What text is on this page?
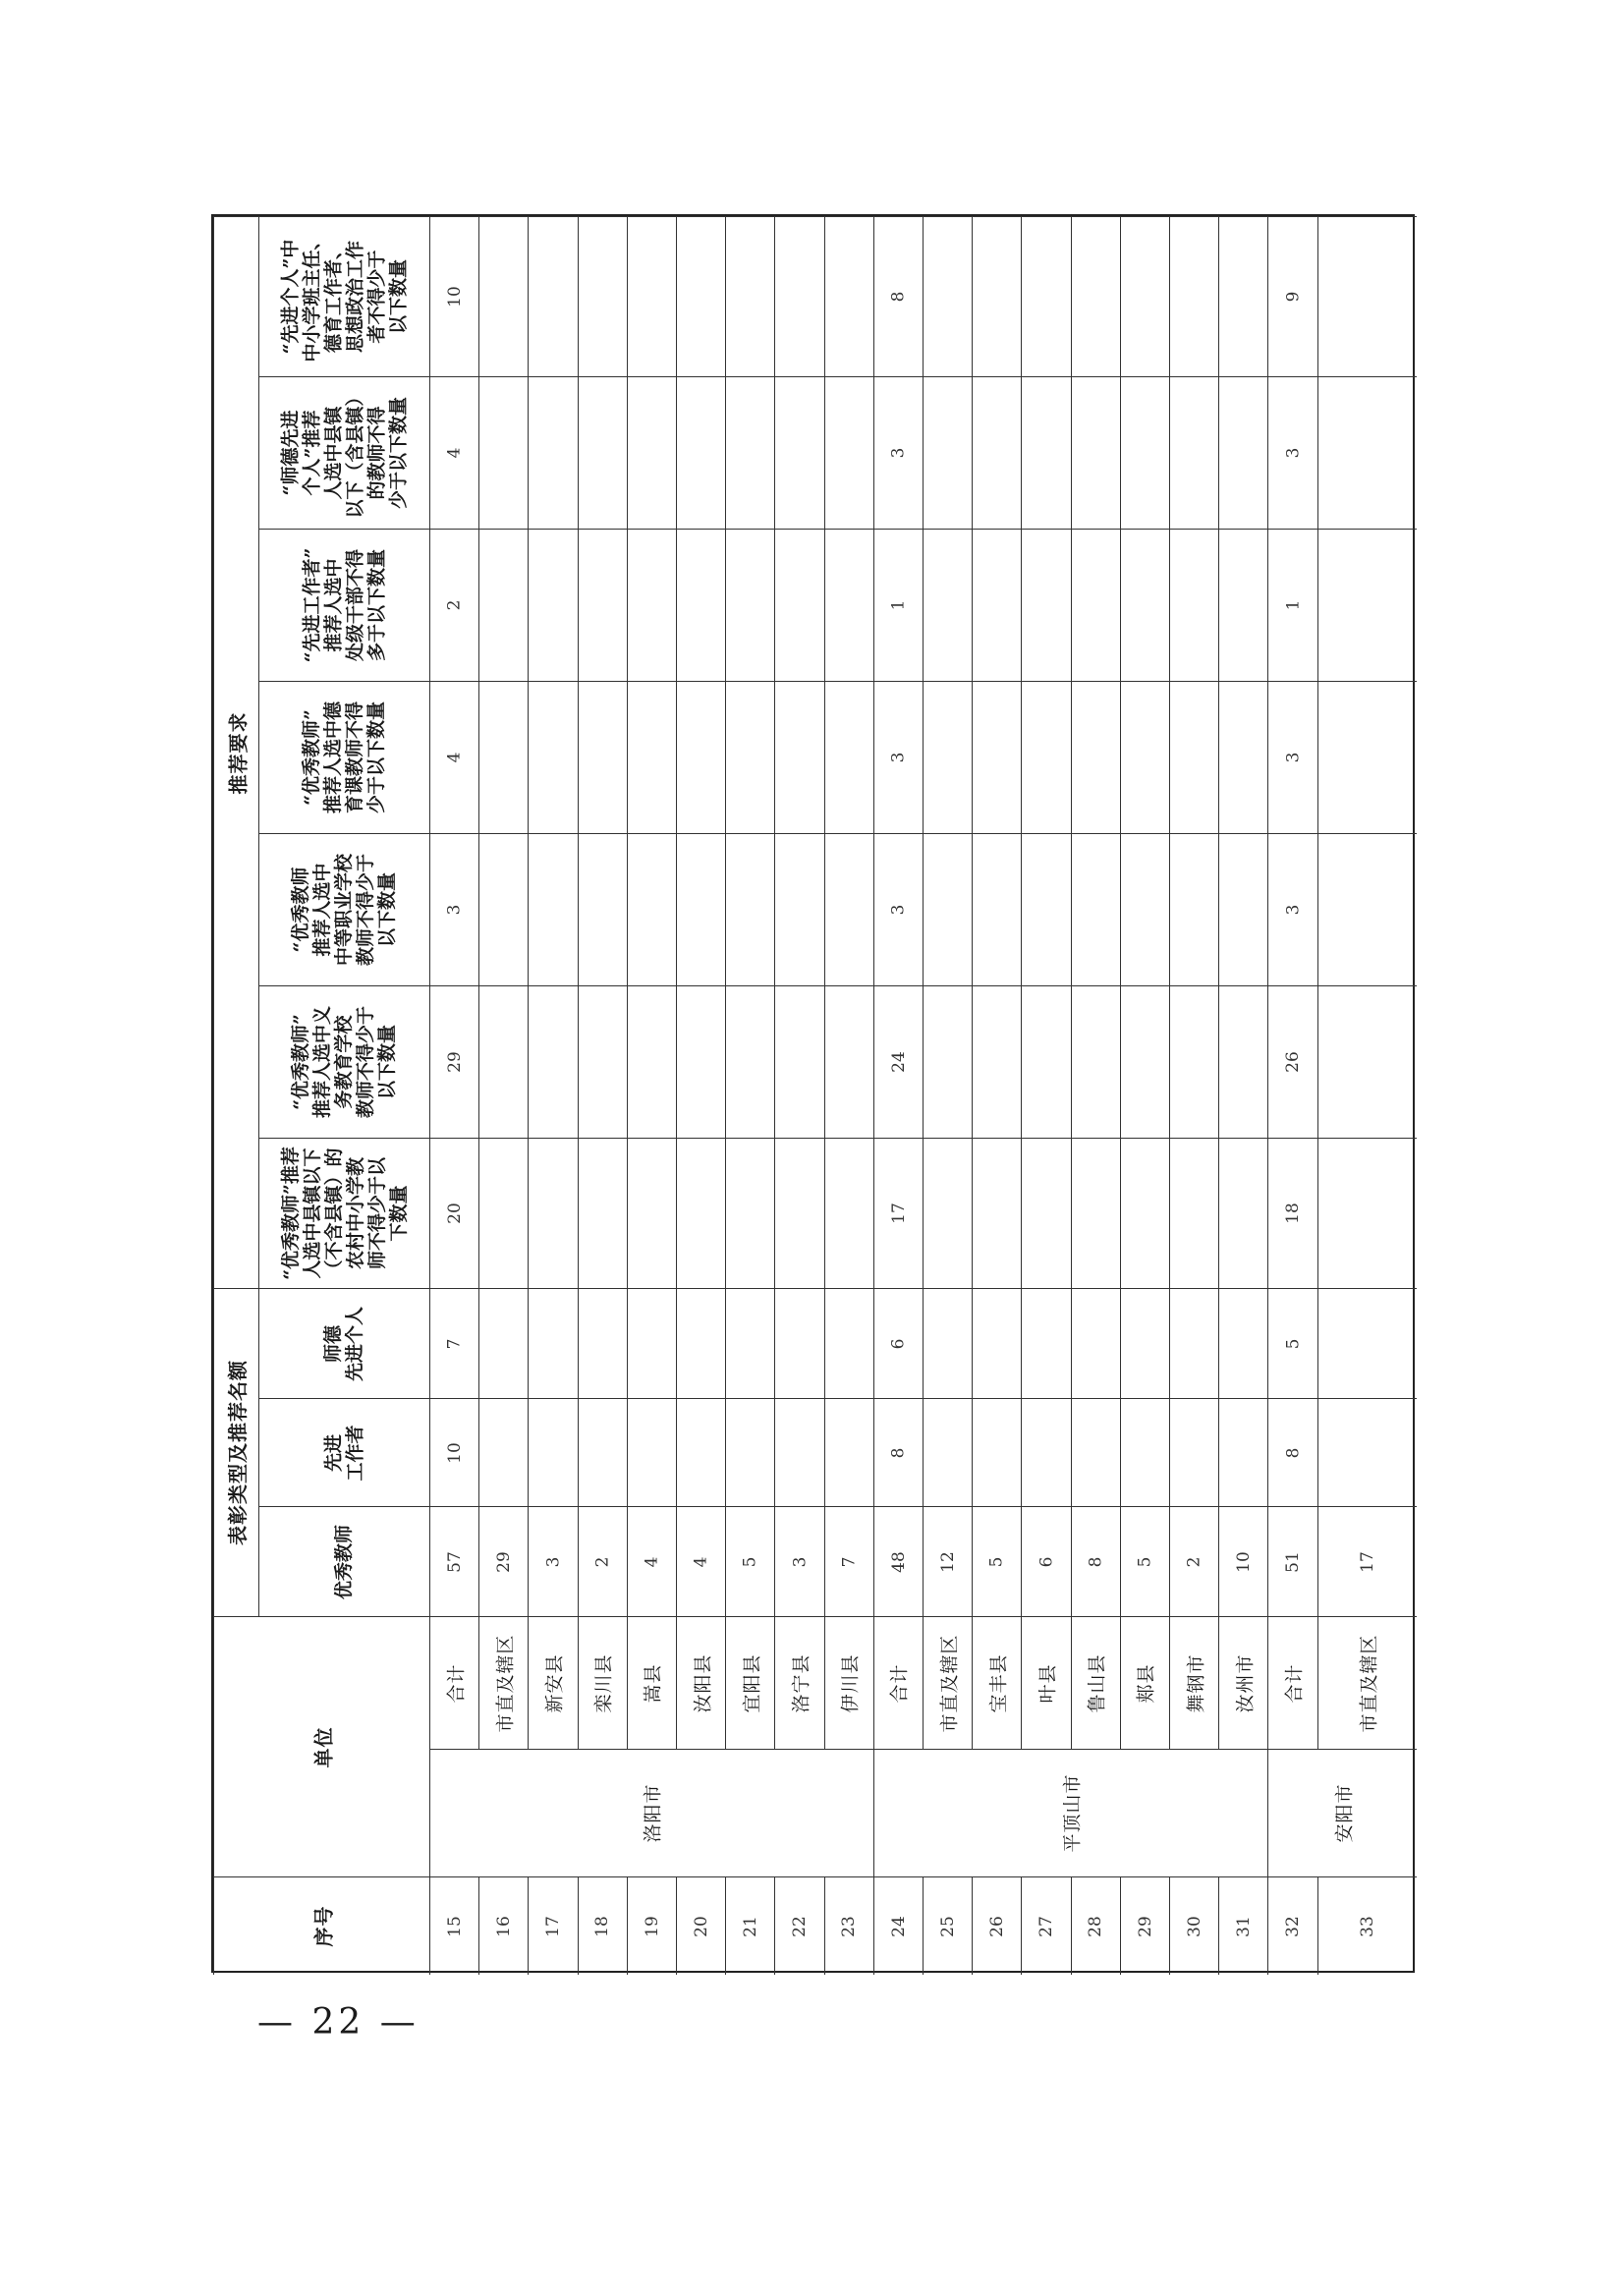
推荐要求
表彰类型及推荐名额
单位
序号
“先进个人”中
中小学班主任、
德育工作者、
思想政治工作
者不得少于
以下数量
“师德先进
个人”推荐
人选中县镇
以下（含县镇）
的教师不得
少于以下数量
“先进工作者”
推荐人选中
处级干部不得
多于以下数量
“优秀教师”
推荐人选中德
育课教师不得
少于以下数量
“优秀教师
推荐人选中
中等职业学校
教师不得少于
以下数量
“优秀教师”
推荐人选中义
务教育学校
教师不得少于
以下数量
“优秀教师”推荐
人选中县镇以下
（不含县镇）的
农村中小学教
师不得少于以
下数量
师德
先进个人
先进
工作者
优秀教师
10
4
2
4
3
29
20
7
10
57
合计
15
29
市直及辖区
16
3
新安县
17
2
栾川县
18
4
嵩县
19
4
汝阳县
20
5
宜阳县
21
3
洛宁县
22
7
伊川县
23
8
3
1
3
3
24
17
6
8
48
合计
24
12
市直及辖区
25
5
宝丰县
26
6
叶县
27
8
鲁山县
28
5
郏县
29
2
舞钢市
30
10
汝州市
31
9
3
1
3
3
26
18
5
8
51
合计
32
17
市直及辖区
33
洛阳市	平顶山市	安阳市
— 22 —
